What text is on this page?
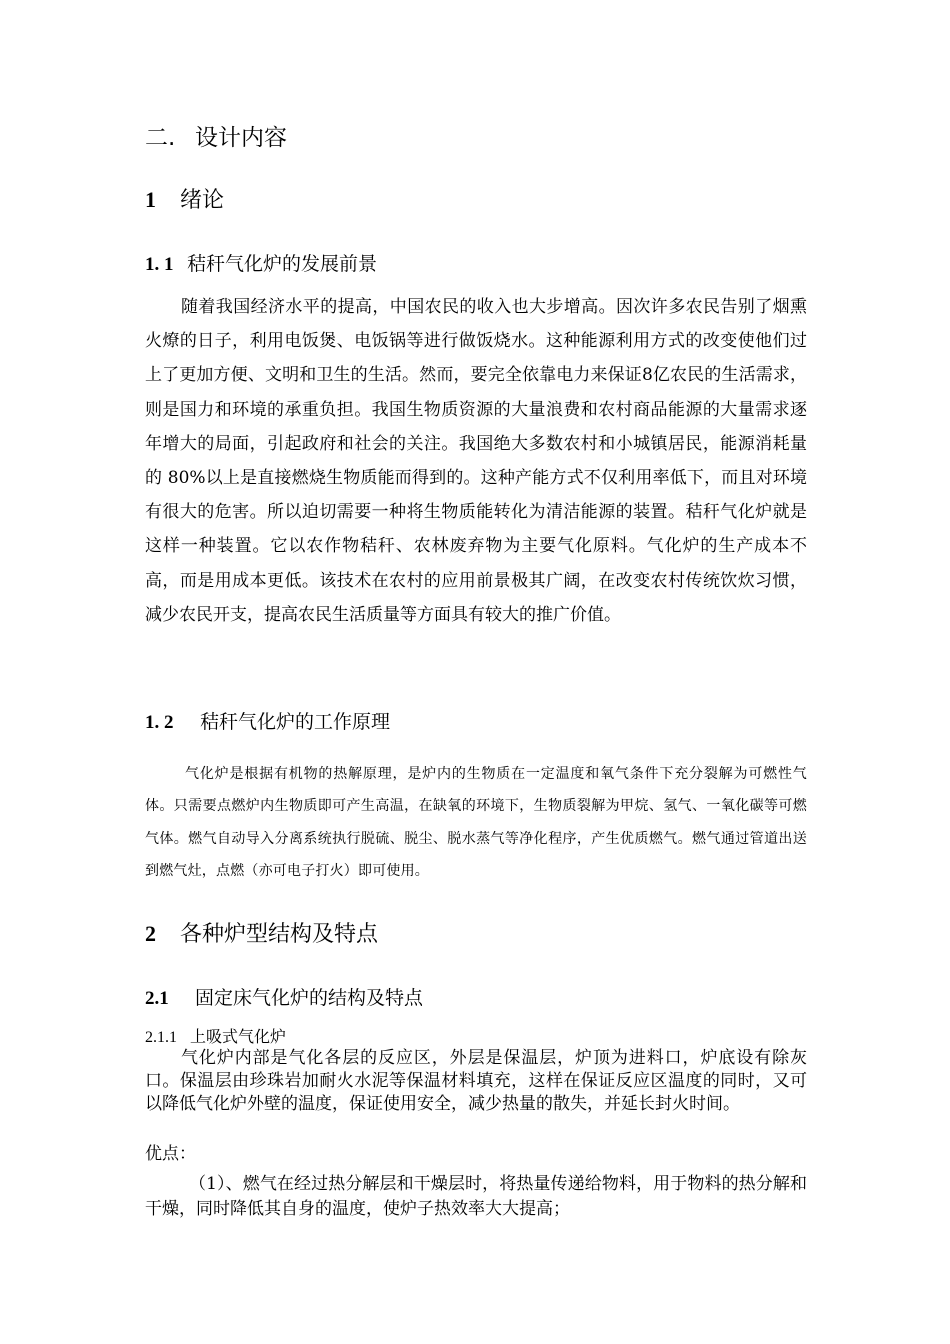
二. 设计内容
1 绪论
1. 1 秸秆气化炉的发展前景

随着我国经济水平的提高，中国农民的收入也大步增高。因次许多农民告别了烟熏火燎的日子，利用电饭煲、电饭锅等进行做饭烧水。这种能源利用方式的改变使他们过上了更加方便、文明和卫生的生活。然而，要完全依靠电力来保证8亿农民的生活需求，则是国力和环境的承重负担。我国生物质资源的大量浪费和农村商品能源的大量需求逐年增大的局面，引起政府和社会的关注。我国绝大多数农村和小城镇居民，能源消耗量的 80%以上是直接燃烧生物质能而得到的。这种产能方式不仅利用率低下，而且对环境有很大的危害。所以迫切需要一种将生物质能转化为清洁能源的装置。秸秆气化炉就是这样一种装置。它以农作物秸秆、农林废弃物为主要气化原料。气化炉的生产成本不高，而是用成本更低。该技术在农村的应用前景极其广阔，在改变农村传统饮炊习惯，减少农民开支，提高农民生活质量等方面具有较大的推广价值。

1. 2 秸秆气化炉的工作原理

气化炉是根据有机物的热解原理，是炉内的生物质在一定温度和氧气条件下充分裂解为可燃性气体。只需要点燃炉内生物质即可产生高温，在缺氧的环境下，生物质裂解为甲烷、氢气、一氧化碳等可燃气体。燃气自动导入分离系统执行脱硫、脱尘、脱水蒸气等净化程序，产生优质燃气。燃气通过管道出送到燃气灶，点燃（亦可电子打火）即可使用。

2 各种炉型结构及特点
2.1 固定床气化炉的结构及特点
2.1.1 上吸式气化炉

气化炉内部是气化各层的反应区，外层是保温层，炉顶为进料口，炉底设有除灰口。保温层由珍珠岩加耐火水泥等保温材料填充，这样在保证反应区温度的同时，又可以降低气化炉外壁的温度，保证使用安全，减少热量的散失，并延长封火时间。

优点：

（1）、燃气在经过热分解层和干燥层时，将热量传递给物料，用于物料的热分解和干燥，同时降低其自身的温度，使炉子热效率大大提高；
